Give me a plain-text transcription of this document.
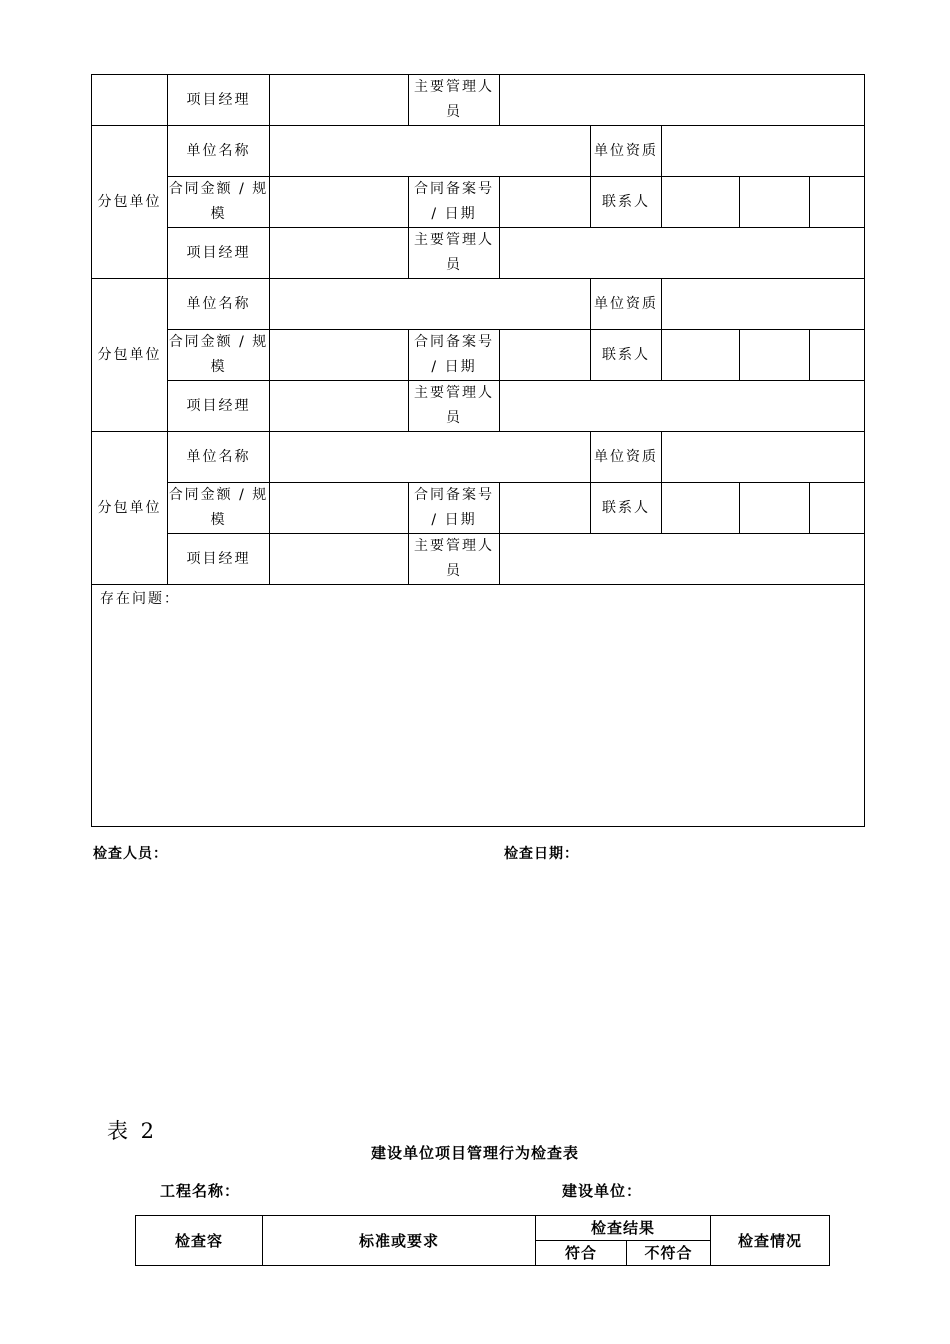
	项目经理		主要管理人员					
分包单位	单位名称				单位资质			
	合同金额 / 规模		合同备案号 / 日期		联系人			
	项目经理		主要管理人员					
分包单位	单位名称				单位资质			
	合同金额 / 规模		合同备案号 / 日期		联系人			
	项目经理		主要管理人员					
分包单位	单位名称				单位资质			
	合同金额 / 规模		合同备案号 / 日期		联系人			
	项目经理		主要管理人员					
存在问题：								
检查人员：	检查日期：
表 2
建设单位项目管理行为检查表
工程名称：	建设单位：
检查容	标准或要求	检查结果		检查情况
		符合	不符合	
